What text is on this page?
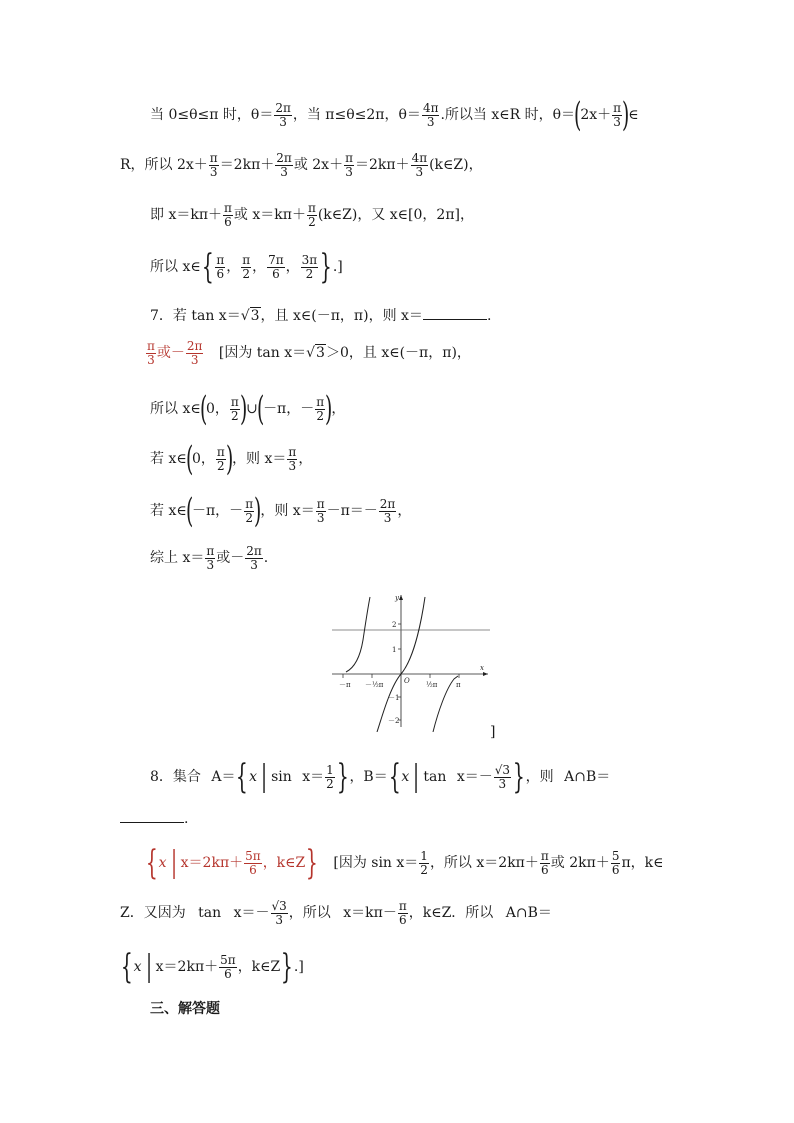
当 0≤θ≤π 时，$\theta= \frac{2\pi}{3}$ ，当 π≤θ≤2π，$\theta= \frac{4\pi}{3}$ .所以当 x∈R 时，$\theta=(2x+ \frac{\pi}{3}$ )∈
R，所以 $2x+ \frac{\pi}{3} =2k\pi+ \frac{2\pi}{3}$ 或 $2x+ \frac{\pi}{3} =2k\pi+ \frac{4\pi}{3}$ (k∈Z)，
即 $x=k\pi+ \frac{\pi}{6}$ 或 $x=k\pi+ \frac{\pi}{2}$ (k∈Z)，又 x∈[0，2π]，
所以 x∈{ $\frac{\pi}{6}$ ， $\frac{\pi}{2}$ ， $\frac{7\pi}{6}$ ， $\frac{3\pi}{2}$ }.]
7．若 tan x＝√3，且 x∈(－π，π)，则 x＝	.
$\frac{\pi}{3}$ 或－ $\frac{2\pi}{3}$ [因为 tan x＝√3＞0，且 x∈(－π，π)，
所以 x∈(0， $\frac{\pi}{2}$ )∪(－π，－ $\frac{\pi}{2}$ )，
若 x∈(0， $\frac{\pi}{2}$ )，则 $x= \frac{\pi}{3}$ ，
若 x∈(－π，－ $\frac{\pi}{2}$ )，则 $x= \frac{\pi}{3} -\pi=- \frac{2\pi}{3}$ ，
综上 $x= \frac{\pi}{3}$ 或－ $\frac{2\pi}{3}$ .
y
x
O
2
1
－1
－2
－π －½π	½π	π
]
8．集合 A＝{x | $\sin x= \frac{1}{2}$ }，B＝{x | $\tan x=- \frac{√3}{3}$ }，则 A∩B＝
.
{x | $x=2k\pi+ \frac{5\pi}{6}$ ，k∈Z} [因为 $\sin x= \frac{1}{2}$ ，所以 $x=2k\pi+ \frac{\pi}{6}$ 或 $2k\pi+ \frac{5}{6}$ π，k∈
Z．又因为 $\tan x=- \frac{√3}{3}$ ，所以 $x=k\pi- \frac{\pi}{6}$ ，k∈Z．所以 A∩B＝
{x | $x=2k\pi+ \frac{5\pi}{6}$ ，k∈Z}.]
三、解答题
